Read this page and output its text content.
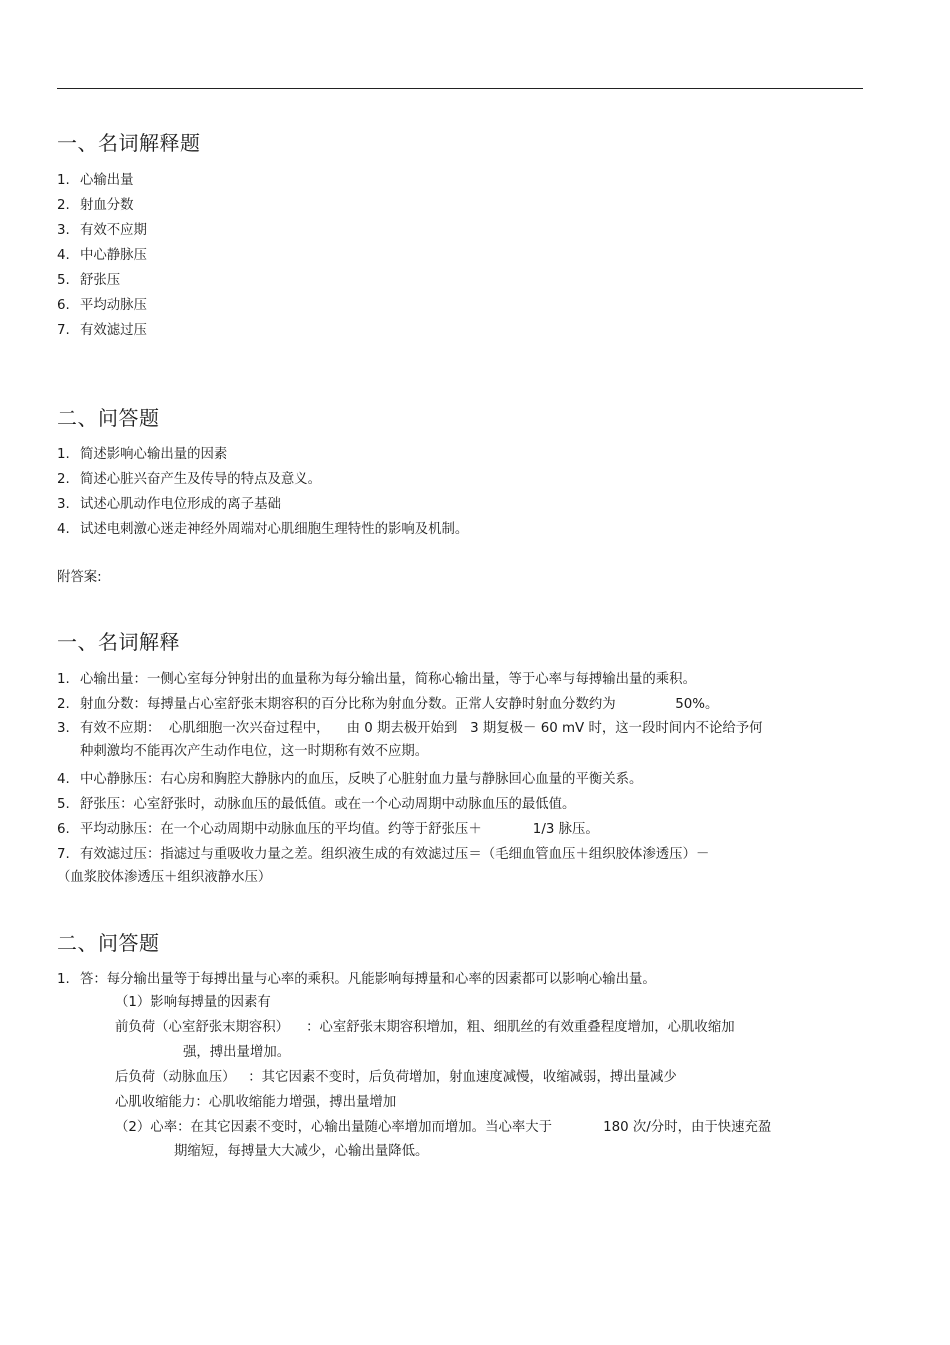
一、名词解释题
1. 心输出量
2. 射血分数
3. 有效不应期
4. 中心静脉压
5. 舒张压
6. 平均动脉压
7. 有效滤过压
二、问答题
1. 简述影响心输出量的因素
2. 简述心脏兴奋产生及传导的特点及意义。
3. 试述心肌动作电位形成的离子基础
4. 试述电刺激心迷走神经外周端对心肌细胞生理特性的影响及机制。
附答案:
一、名词解释
1. 心输出量：一侧心室每分钟射出的血量称为每分输出量，简称心输出量，等于心率与每搏输出量的乘积。
2. 射血分数：每搏量占心室舒张末期容积的百分比称为射血分数。正常人安静时射血分数约为              50%。
3. 有效不应期：  心肌细胞一次兴奋过程中，    由 0 期去极开始到   3 期复极－ 60 mV 时，这一段时间内不论给予何
种刺激均不能再次产生动作电位，这一时期称有效不应期。
4. 中心静脉压：右心房和胸腔大静脉内的血压，反映了心脏射血力量与静脉回心血量的平衡关系。
5. 舒张压：心室舒张时，动脉血压的最低值。或在一个心动周期中动脉血压的最低值。
6. 平均动脉压：在一个心动周期中动脉血压的平均值。约等于舒张压＋            1/3 脉压。
7. 有效滤过压：指滤过与重吸收力量之差。组织液生成的有效滤过压＝（毛细血管血压＋组织胶体渗透压）－
（血浆胶体渗透压＋组织液静水压）
二、问答题
1. 答：每分输出量等于每搏出量与心率的乘积。凡能影响每搏量和心率的因素都可以影响心输出量。
（1）影响每搏量的因素有
前负荷（心室舒张末期容积）    ：心室舒张末期容积增加，粗、细肌丝的有效重叠程度增加，心肌收缩加
强，搏出量增加。
后负荷（动脉血压）   ：其它因素不变时，后负荷增加，射血速度减慢，收缩减弱，搏出量减少
心肌收缩能力：心肌收缩能力增强，搏出量增加
（2）心率：在其它因素不变时，心输出量随心率增加而增加。当心率大于            180 次/分时，由于快速充盈
期缩短，每搏量大大减少，心输出量降低。
